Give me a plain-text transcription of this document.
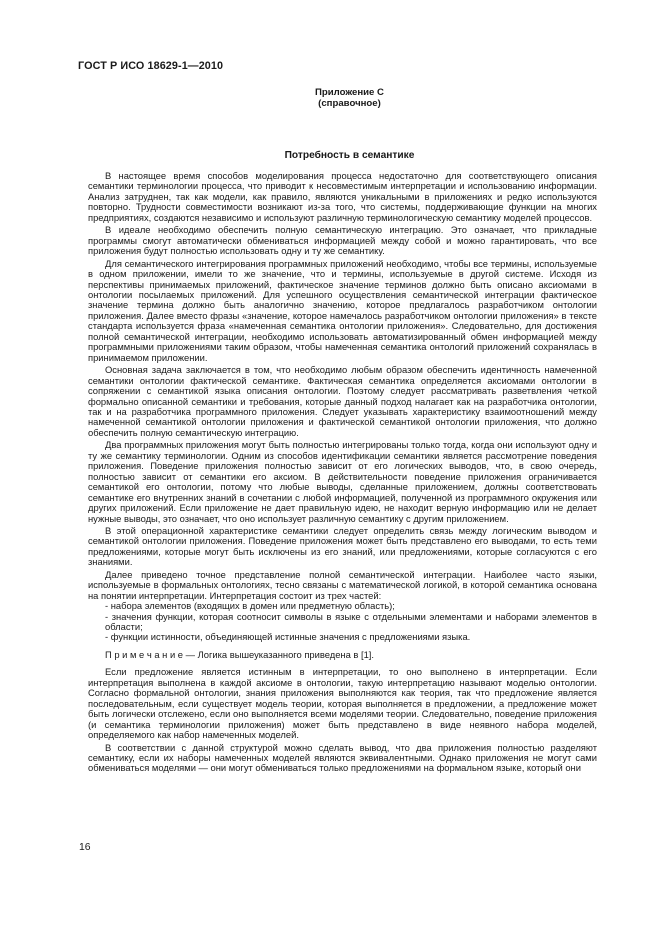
ГОСТ Р ИСО 18629-1—2010
Приложение С
(справочное)
Потребность в семантике

В настоящее время способов моделирования процесса недостаточно для соответствующего описания семантики терминологии процесса, что приводит к несовместимым интерпретации и использованию информации. Анализ затруднен, так как модели, как правило, являются уникальными в приложениях и редко используются повторно. Трудности совместимости возникают из-за того, что системы, поддерживающие функции на многих предприятиях, создаются независимо и используют различную терминологическую семантику моделей процессов.

В идеале необходимо обеспечить полную семантическую интеграцию. Это означает, что прикладные программы смогут автоматически обмениваться информацией между собой и можно гарантировать, что все приложения будут полностью использовать одну и ту же семантику.

Для семантического интегрирования программных приложений необходимо, чтобы все термины, используемые в одном приложении, имели то же значение, что и термины, используемые в другой системе. Исходя из перспективы принимаемых приложений, фактическое значение терминов должно быть описано аксиомами в онтологии посылаемых приложений. Для успешного осуществления семантической интеграции фактическое значение термина должно быть аналогично значению, которое предлагалось разработчиком онтологии приложения. Далее вместо фразы «значение, которое намечалось разработчиком онтологии приложения» в тексте стандарта используется фраза «намеченная семантика онтологии приложения». Следовательно, для достижения полной семантической интеграции, необходимо использовать автоматизированный обмен информацией между программными приложениями таким образом, чтобы намеченная семантика онтологий приложений сохранялась в принимаемом приложении.

Основная задача заключается в том, что необходимо любым образом обеспечить идентичность намеченной семантики онтологии фактической семантике. Фактическая семантика определяется аксиомами онтологии в сопряжении с семантикой языка описания онтологии. Поэтому следует рассматривать разветвления четкой формально описанной семантики и требования, которые данный подход налагает как на разработчика онтологии, так и на разработчика программного приложения. Следует указывать характеристику взаимоотношений между намеченной семантикой онтологии приложения и фактической семантикой онтологии приложения, что должно обеспечить полную семантическую интеграцию.

Два программных приложения могут быть полностью интегрированы только тогда, когда они используют одну и ту же семантику терминологии. Одним из способов идентификации семантики является рассмотрение поведения приложения. Поведение приложения полностью зависит от его логических выводов, что, в свою очередь, полностью зависит от семантики его аксиом. В действительности поведение приложения ограничивается семантикой его онтологии, потому что любые выводы, сделанные приложением, должны соответствовать семантике его внутренних знаний в сочетании с любой информацией, полученной из программного окружения или других приложений. Если приложение не дает правильную идею, не находит верную информацию или не делает нужные выводы, это означает, что оно использует различную семантику с другим приложением.

В этой операционной характеристике семантики следует определить связь между логическим выводом и семантикой онтологии приложения. Поведение приложения может быть представлено его выводами, то есть теми предложениями, которые могут быть исключены из его знаний, или предложениями, которые согласуются с его знаниями.

Далее приведено точное представление полной семантической интеграции. Наиболее часто языки, используемые в формальных онтологиях, тесно связаны с математической логикой, в которой семантика основана на понятии интерпретации. Интерпретация состоит из трех частей:

- набора элементов (входящих в домен или предметную область);

- значения функции, которая соотносит символы в языке с отдельными элементами и наборами элементов в области;

- функции истинности, объединяющей истинные значения с предложениями языка.

П р и м е ч а н и е — Логика вышеуказанного приведена в [1].

Если предложение является истинным в интерпретации, то оно выполнено в интерпретации. Если интерпретация выполнена в каждой аксиоме в онтологии, такую интерпретацию называют моделью онтологии. Согласно формальной онтологии, знания приложения выполняются как теория, так что предложение является последовательным, если существует модель теории, которая выполняется в предложении, а предложение может быть логически отслежено, если оно выполняется всеми моделями теории. Следовательно, поведение приложения (и семантика терминологии приложения) может быть представлено в виде неявного набора моделей, определяемого как набор намеченных моделей.

В соответствии с данной структурой можно сделать вывод, что два приложения полностью разделяют семантику, если их наборы намеченных моделей являются эквивалентными. Однако приложения не могут сами обмениваться моделями — они могут обмениваться только предложениями на формальном языке, который они

16
